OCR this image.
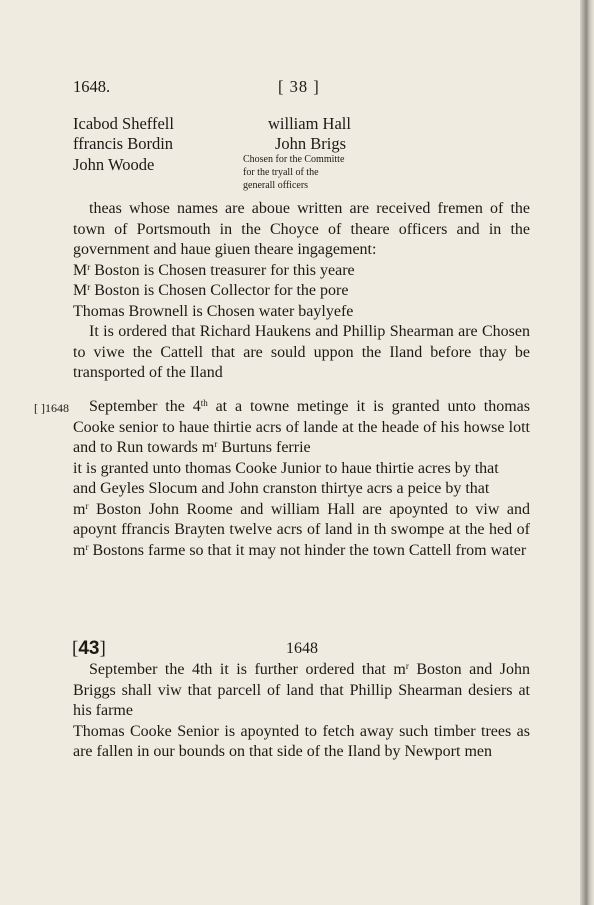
1648.	[ 38 ]
Icabod Sheffell
ffrancis Bordin
John Woode
william Hall
John Brigs
Chosen for the Committe
for the tryall of the
generall officers

theas whose names are aboue written are received fremen of the town of Portsmouth in the Choyce of theare officers and in the government and haue giuen theare ingagement:

$M^r$ Boston is Chosen treasurer for this yeare

$M^r$ Boston is Chosen Collector for the pore

Thomas Brownell is Chosen water baylyefe

It is ordered that Richard Haukens and Phillip Shearman are Chosen to viwe the Cattell that are sould uppon the Iland before thay be transported of the Iland

[ ]1648	September the 4th at a towne metinge it is granted unto thomas Cooke senior to haue thirtie acrs of lande at the heade of his howse lott and to Run towards $m^r$ Burtuns ferrie

it is granted unto thomas Cooke Junior to haue thirtie acres by that

and Geyles Slocum and John cranston thirtye acrs a peice by that

$m^r$ Boston John Roome and william Hall are apoynted to viw and apoynt ffrancis Brayten twelve acrs of land in th swompe at the hed of $m^r$ Bostons farme so that it may not hinder the town Cattell from water

[43]	1648

September the 4th it is further ordered that $m^r$ Boston and John Briggs shall viw that parcell of land that Phillip Shearman desiers at his farme

Thomas Cooke Senior is apoynted to fetch away such timber trees as are fallen in our bounds on that side of the Iland by Newport men
